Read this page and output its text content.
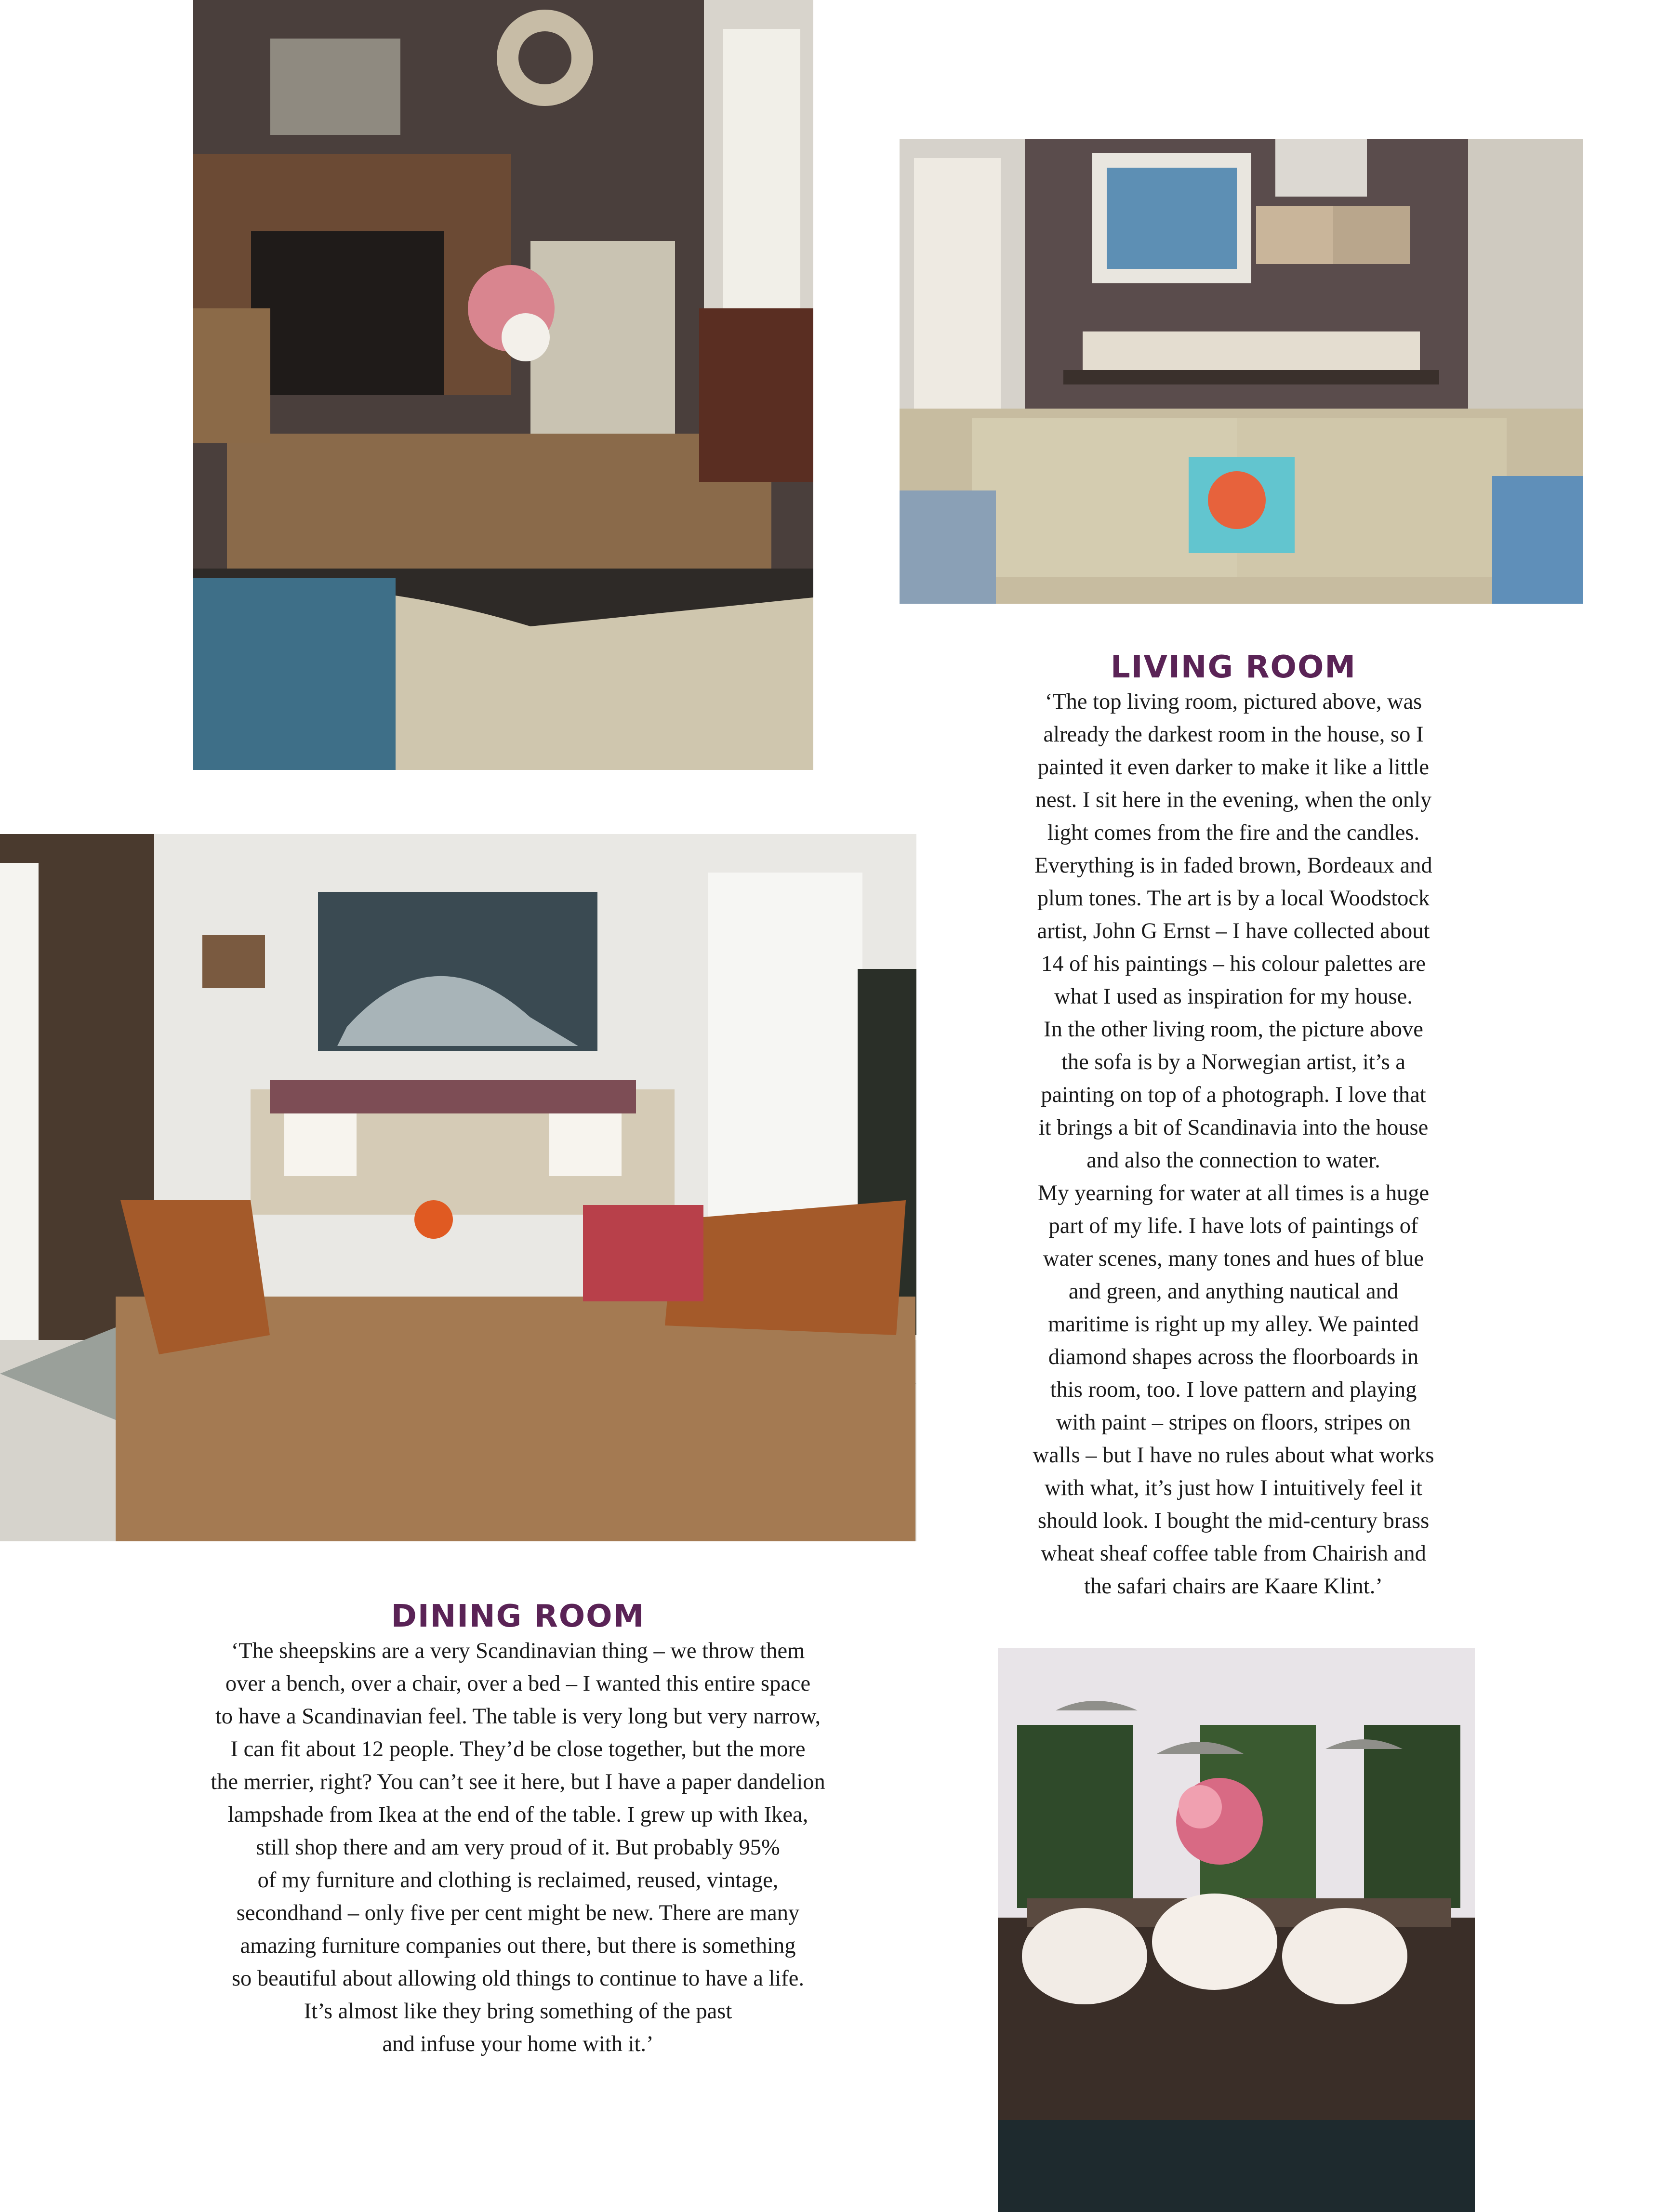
LIVING ROOM

‘The top living room, pictured above, was
already the darkest room in the house, so I
painted it even darker to make it like a little
nest. I sit here in the evening, when the only
light comes from the fire and the candles.
Everything is in faded brown, Bordeaux and
plum tones. The art is by a local Woodstock
artist, John G Ernst – I have collected about
14 of his paintings – his colour palettes are
what I used as inspiration for my house.
In the other living room, the picture above
the sofa is by a Norwegian artist, it’s a
painting on top of a photograph. I love that
it brings a bit of Scandinavia into the house
and also the connection to water.
My yearning for water at all times is a huge
part of my life. I have lots of paintings of
water scenes, many tones and hues of blue
and green, and anything nautical and
maritime is right up my alley. We painted
diamond shapes across the floorboards in
this room, too. I love pattern and playing
with paint – stripes on floors, stripes on
walls – but I have no rules about what works
with what, it’s just how I intuitively feel it
should look. I bought the mid-century brass
wheat sheaf coffee table from Chairish and
the safari chairs are Kaare Klint.’

DINING ROOM

‘The sheepskins are a very Scandinavian thing – we throw them
over a bench, over a chair, over a bed – I wanted this entire space
to have a Scandinavian feel. The table is very long but very narrow,
I can fit about 12 people. They’d be close together, but the more
the merrier, right? You can’t see it here, but I have a paper dandelion
lampshade from Ikea at the end of the table. I grew up with Ikea,
still shop there and am very proud of it. But probably 95%
of my furniture and clothing is reclaimed, reused, vintage,
secondhand – only five per cent might be new. There are many
amazing furniture companies out there, but there is something
so beautiful about allowing old things to continue to have a life.
It’s almost like they bring something of the past
and infuse your home with it.’
